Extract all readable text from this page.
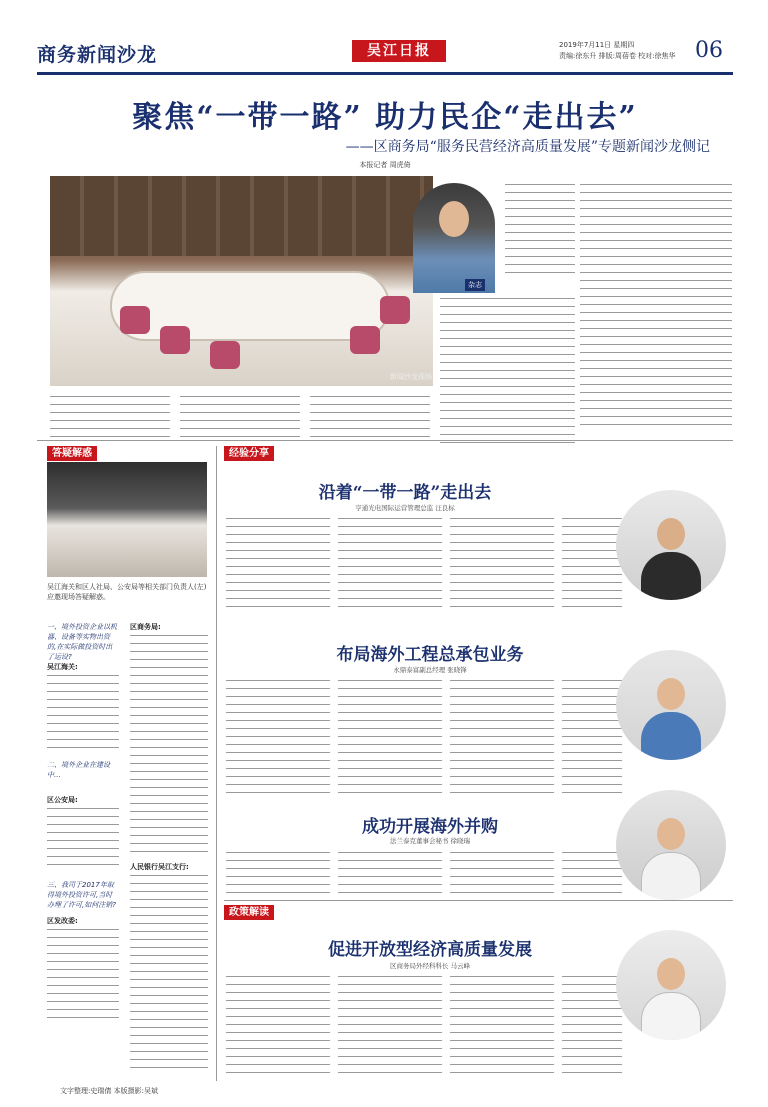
商务新闻沙龙	吴江日报	2019年7月11日 星期四
责编:徐东升 排版:周蓓卷 校对:徐焦华 06
聚焦“一带一路” 助力民企“走出去”
——区商务局“服务民营经济高质量发展”专题新闻沙龙侧记
本报记者 周虎倚
新闻沙龙现场。
杂志
答疑解惑
吴江海关和区人社局、公安局等相关部门负责人(左)应邀现场答疑解惑。
一、境外投资企业以机器、设备等实物出资的,在实际做投资时出了运设?
吴江海关:
二、境外企业在建设中...
区公安局:
三、我司于2017年取得境外投资许可,当时办理了许可,如何注销?
区发改委:
区商务局:
人民银行吴江支行:
经验分享
沿着“一带一路”走出去
亨通光电国际运营管理总监 汪良标
布局海外工程总承包业务
永鼎泰富副总经理 张晓锋
成功开展海外并购
法兰泰克董事会秘书 徐晓瑞
政策解读
促进开放型经济高质量发展
区商务局外经科科长 马云峰
文字整理:史瑞倩 本版摄影:吴斌
